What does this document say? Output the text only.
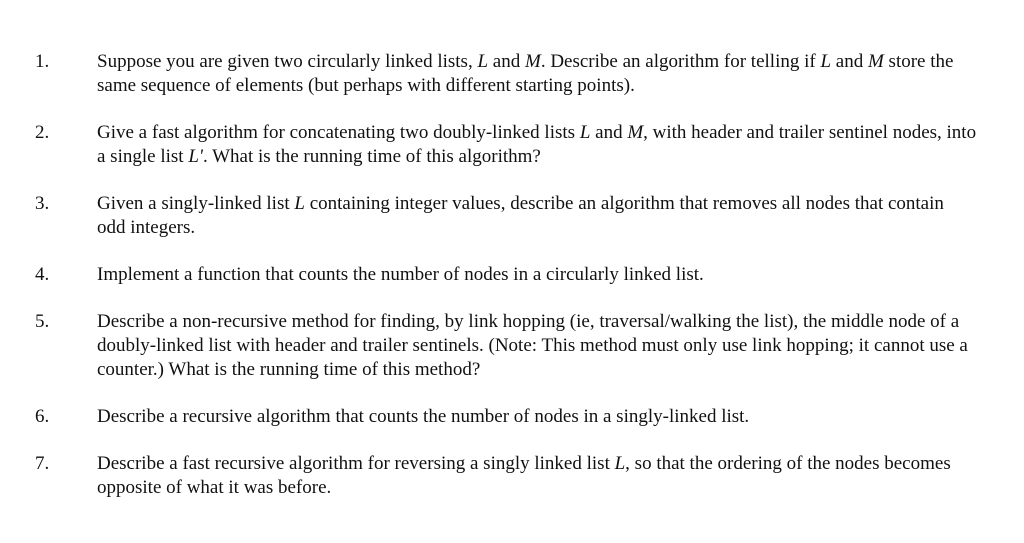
1.	Suppose you are given two circularly linked lists, L and M. Describe an algorithm for telling if L and M store the same sequence of elements (but perhaps with different starting points).
2.	Give a fast algorithm for concatenating two doubly-linked lists L and M, with header and trailer sentinel nodes, into a single list L'. What is the running time of this algorithm?
3.	Given a singly-linked list L containing integer values, describe an algorithm that removes all nodes that contain odd integers.
4.	Implement a function that counts the number of nodes in a circularly linked list.
5.	Describe a non-recursive method for finding, by link hopping (ie, traversal/walking the list), the middle node of a doubly-linked list with header and trailer sentinels. (Note: This method must only use link hopping; it cannot use a counter.) What is the running time of this method?
6.	Describe a recursive algorithm that counts the number of nodes in a singly-linked list.
7.	Describe a fast recursive algorithm for reversing a singly linked list L, so that the ordering of the nodes becomes opposite of what it was before.
